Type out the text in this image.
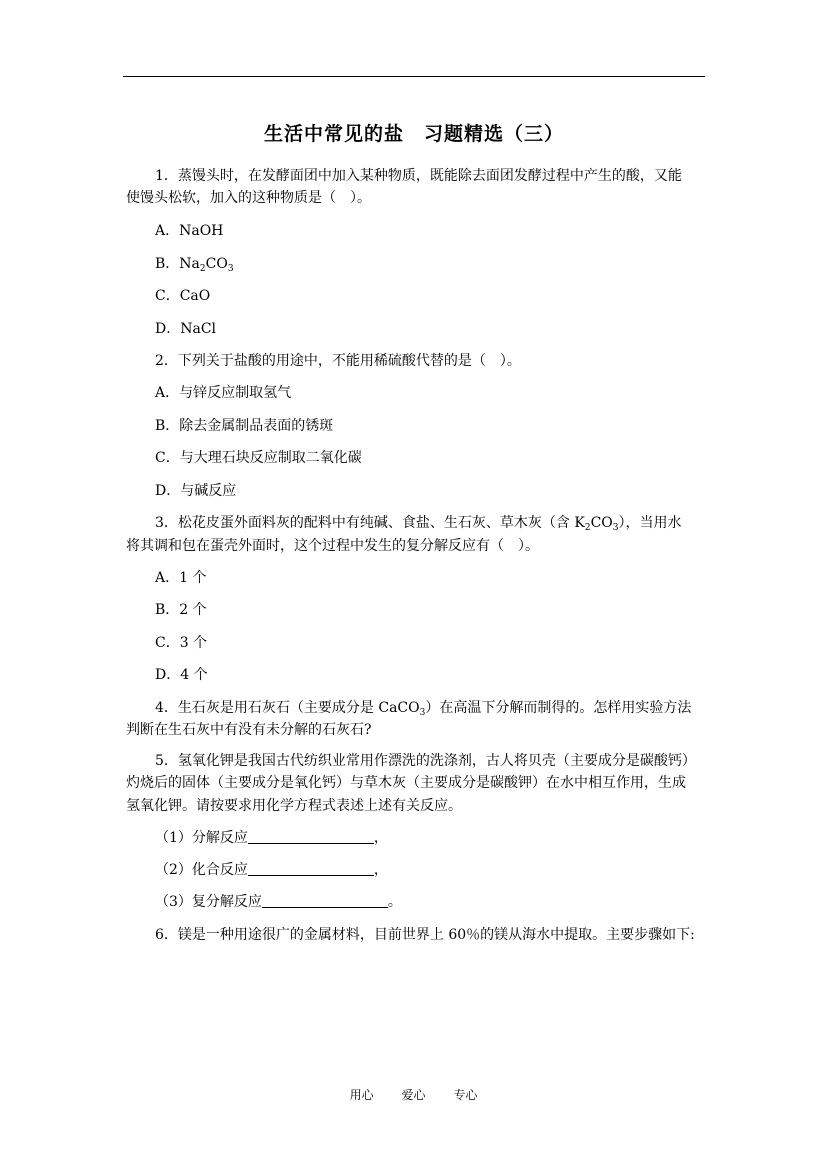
生活中常见的盐　习题精选（三）
1．蒸馒头时，在发酵面团中加入某种物质，既能除去面团发酵过程中产生的酸，又能
使馒头松软，加入的这种物质是（　）。
A．NaOH
B．$Na_2CO_3$
C．CaO
D．NaCl
2．下列关于盐酸的用途中，不能用稀硫酸代替的是（　）。
A．与锌反应制取氢气
B．除去金属制品表面的锈斑
C．与大理石块反应制取二氧化碳
D．与碱反应
3．松花皮蛋外面料灰的配料中有纯碱、食盐、生石灰、草木灰（含 $K_2CO_3$），当用水
将其调和包在蛋壳外面时，这个过程中发生的复分解反应有（　）。
A．1 个
B．2 个
C．3 个
D．4 个
4．生石灰是用石灰石（主要成分是 CaCO$_3$）在高温下分解而制得的。怎样用实验方法
判断在生石灰中有没有未分解的石灰石?
5．氢氧化钾是我国古代纺织业常用作漂洗的洗涤剂，古人将贝壳（主要成分是碳酸钙）
灼烧后的固体（主要成分是氧化钙）与草木灰（主要成分是碳酸钾）在水中相互作用，生成
氢氧化钾。请按要求用化学方程式表述上述有关反应。
（1）分解反应	，
（2）化合反应	，
（3）复分解反应	。
6．镁是一种用途很广的金属材料，目前世界上 60％的镁从海水中提取。主要步骤如下:
用心 爱心 专心
